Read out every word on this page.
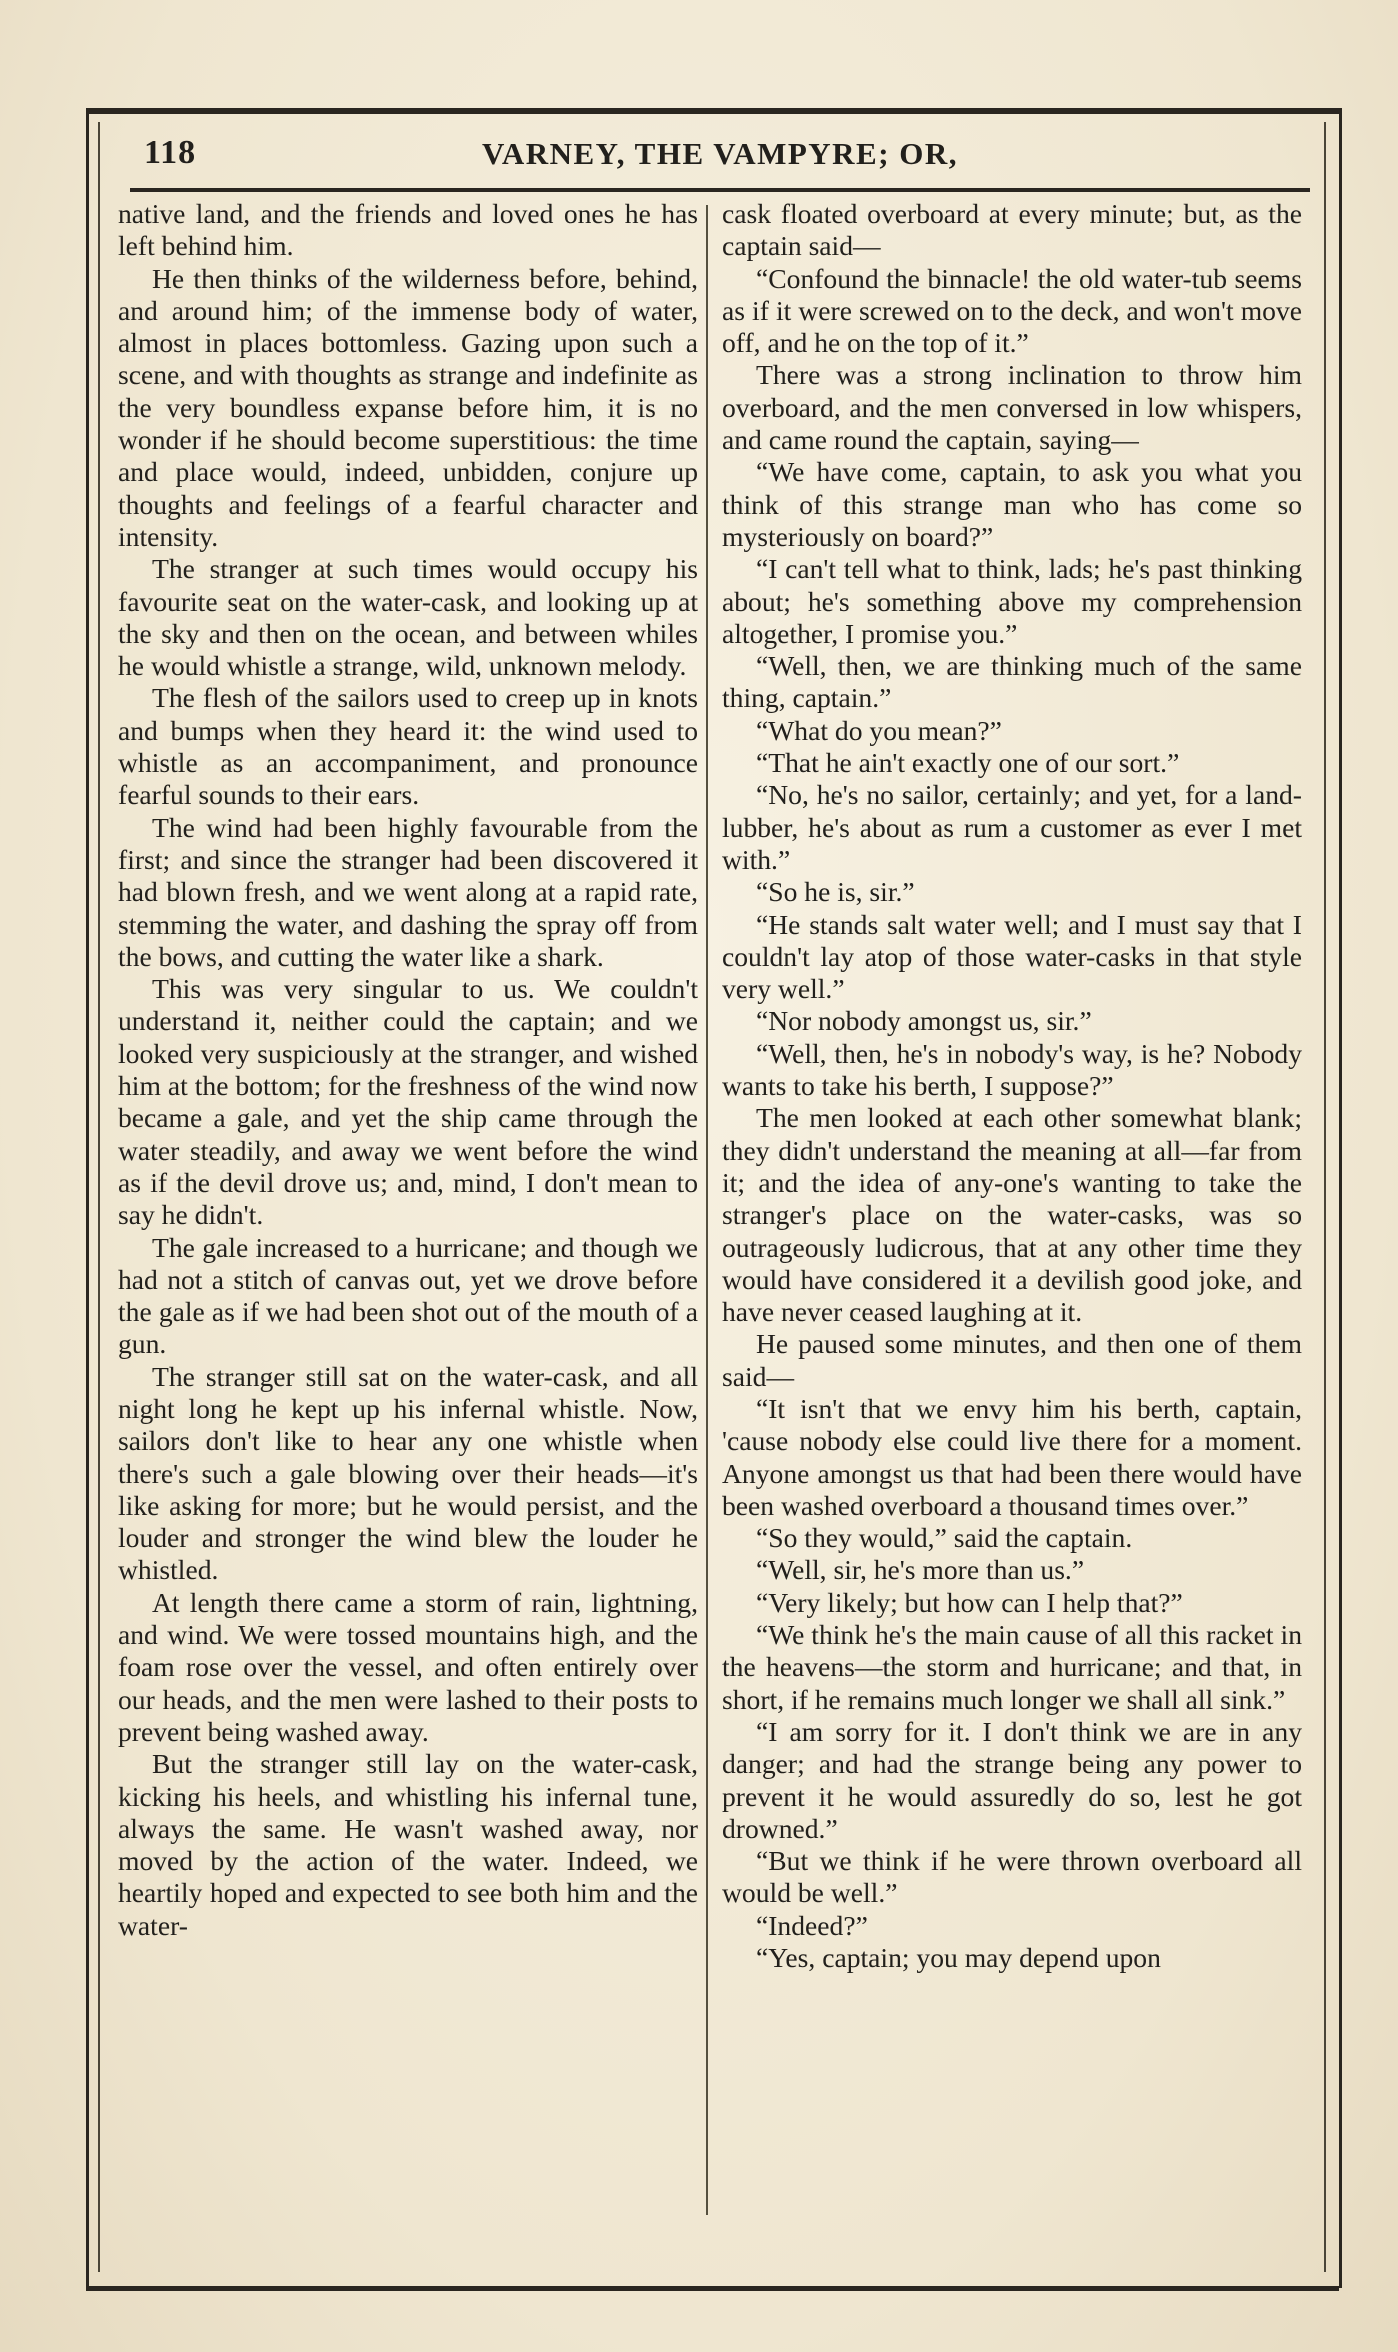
118	VARNEY, THE VAMPYRE; OR,

native land, and the friends and loved ones he has left behind him.

He then thinks of the wilderness before, behind, and around him; of the immense body of water, almost in places bottomless. Gazing upon such a scene, and with thoughts as strange and indefinite as the very boundless expanse before him, it is no wonder if he should become superstitious: the time and place would, indeed, unbidden, conjure up thoughts and feelings of a fearful character and intensity.

The stranger at such times would occupy his favourite seat on the water-cask, and looking up at the sky and then on the ocean, and between whiles he would whistle a strange, wild, unknown melody.

The flesh of the sailors used to creep up in knots and bumps when they heard it: the wind used to whistle as an accompaniment, and pronounce fearful sounds to their ears.

The wind had been highly favourable from the first; and since the stranger had been discovered it had blown fresh, and we went along at a rapid rate, stemming the water, and dashing the spray off from the bows, and cutting the water like a shark.

This was very singular to us. We couldn't understand it, neither could the captain; and we looked very suspiciously at the stranger, and wished him at the bottom; for the freshness of the wind now became a gale, and yet the ship came through the water steadily, and away we went before the wind as if the devil drove us; and, mind, I don't mean to say he didn't.

The gale increased to a hurricane; and though we had not a stitch of canvas out, yet we drove before the gale as if we had been shot out of the mouth of a gun.

The stranger still sat on the water-cask, and all night long he kept up his infernal whistle. Now, sailors don't like to hear any one whistle when there's such a gale blowing over their heads—it's like asking for more; but he would persist, and the louder and stronger the wind blew the louder he whistled.

At length there came a storm of rain, lightning, and wind. We were tossed mountains high, and the foam rose over the vessel, and often entirely over our heads, and the men were lashed to their posts to prevent being washed away.

But the stranger still lay on the water-cask, kicking his heels, and whistling his infernal tune, always the same. He wasn't washed away, nor moved by the action of the water. Indeed, we heartily hoped and expected to see both him and the water-

cask floated overboard at every minute; but, as the captain said—

“Confound the binnacle! the old water-tub seems as if it were screwed on to the deck, and won't move off, and he on the top of it.”

There was a strong inclination to throw him overboard, and the men conversed in low whispers, and came round the captain, saying—

“We have come, captain, to ask you what you think of this strange man who has come so mysteriously on board?”

“I can't tell what to think, lads; he's past thinking about; he's something above my comprehension altogether, I promise you.”

“Well, then, we are thinking much of the same thing, captain.”

“What do you mean?”

“That he ain't exactly one of our sort.”

“No, he's no sailor, certainly; and yet, for a land-lubber, he's about as rum a customer as ever I met with.”

“So he is, sir.”

“He stands salt water well; and I must say that I couldn't lay atop of those water-casks in that style very well.”

“Nor nobody amongst us, sir.”

“Well, then, he's in nobody's way, is he? Nobody wants to take his berth, I suppose?”

The men looked at each other somewhat blank; they didn't understand the meaning at all—far from it; and the idea of any-one's wanting to take the stranger's place on the water-casks, was so outrageously ludicrous, that at any other time they would have considered it a devilish good joke, and have never ceased laughing at it.

He paused some minutes, and then one of them said—

“It isn't that we envy him his berth, captain, 'cause nobody else could live there for a moment. Anyone amongst us that had been there would have been washed overboard a thousand times over.”

“So they would,” said the captain.

“Well, sir, he's more than us.”

“Very likely; but how can I help that?”

“We think he's the main cause of all this racket in the heavens—the storm and hurricane; and that, in short, if he remains much longer we shall all sink.”

“I am sorry for it. I don't think we are in any danger; and had the strange being any power to prevent it he would assuredly do so, lest he got drowned.”

“But we think if he were thrown overboard all would be well.”

“Indeed?”

“Yes, captain; you may depend upon
